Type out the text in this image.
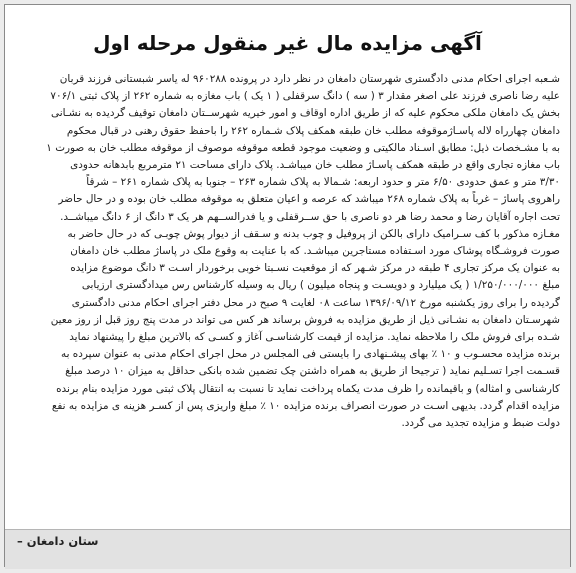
آگهی مزایده مال غیر منقول مرحله اول

شـعبه اجرای احکام مدنی دادگستری شهرستان دامغان در نظر دارد در پرونده ۹۶۰۲۸۸ له یاسر شبستانی فرزند قربان

علیه رضا ناصری فرزند علی اصغر مقدار ۳ ( سه ) دانگ سرقفلی ( ۱ یک ) باب مغازه به شماره ۲۶۲ از پلاک ثبتی ۷۰۶/۱

بخش یک دامغان ملکی محکوم علیه که از طریق اداره اوقاف و امور خیریه شهرســتان دامغان توقیف گردیده به نشـانی

دامغان چهارراه لاله پاسـاژموقوفه مطلب خان طبقه همکف پلاک شـماره ۲۶۲ را باحفظ حقوق رهنی در قبال محکوم

به با مشـخصات ذیل: مطابق اسـناد مالکیتی و وضعیت موجود قطعه موقوفه موصوف از موقوفه مطلب خان به صورت ۱

باب مغازه تجاری واقع در طبقه همکف پاسـاژ مطلب خان میباشـد. پلاک دارای مساحت ۲۱ مترمربع بابدهانه حدودی

۳/۳۰ متر و عمق حدودی ۶/۵۰ متر و حدود اربعه: شـمالا به پلاک شماره ۲۶۳ – جنوبا به پلاک شماره ۲۶۱ – شرقاً

راهروی پاساژ – غرباً به پلاک شماره ۲۶۸ میباشد که عرصه و اعیان متعلق به موقوفه مطلب خان بوده و در حال حاضر

تحت اجاره آقایان رضا و محمد رضا هر دو ناصری با حق ســرقفلی و یا فدرالســهم هر یک ۳ دانگ از ۶ دانگ میباشــد.

مغـازه مذکور با کف سـرامیک دارای بالکن از پروفیل و چوب بدنه و سـقف از دیوار پوش چوبـی که در حال حاضر به

صورت فروشـگاه پوشاک مورد اسـتفاده مستاجرین میباشـد. که با عنایت به وقوع ملک در پاساژ مطلب خان دامغان

به عنوان یک مرکز تجاری ۴ طبقه در مرکز شـهر که از موقعیت نسـبتا خوبی برخوردار اسـت ۳ دانگ موضوع مزایده

مبلغ ۱/۲۵۰/۰۰۰/۰۰۰ ( یک میلیارد و دویسـت و پنجاه میلیون ) ریال به وسیله کارشناس رس میدادگستری ارزیابی

گردیده را برای روز یکشنبه مورخ ۱۳۹۶/۰۹/۱۲ ساعت ۰۸ لغایت ۹ صبح در محل دفتر اجرای احکام مدنی دادگستری

شهرسـتان دامغان به نشـانی ذیل از طریق مزایده به فروش برساند هر کس می تواند در مدت پنج روز قبل از روز معین

شـده برای فروش ملک را ملاحظه نماید. مزایده از قیمت کارشناسـی آغاز و کسـی که بالاترین مبلغ را پیشنهاد نماید

برنده مزایده محسـوب و ۱۰ ٪ بهای پیشـنهادی را بایستی فی المجلس در محل اجرای احکام مدنی به عنوان سپرده به

قسـمت اجرا تسـلیم نماید ( ترجیحا از طریق به همراه داشتن چک تضمین شده بانکی حداقل به میزان ۱۰ درصد مبلغ

کارشناسی و امثاله) و باقیمانده را ظرف مدت یکماه پرداخت نماید تا نسبت به انتقال پلاک ثبتی مورد مزایده بنام برنده

مزایده اقدام گردد. بدیهی اسـت در صورت انصراف برنده مزایده ۱۰ ٪ مبلغ واریزی پس از کسـر هزینه ی مزایده به نفع

دولت ضبط و مزایده تجدید می گردد.

ستان دامغان –
